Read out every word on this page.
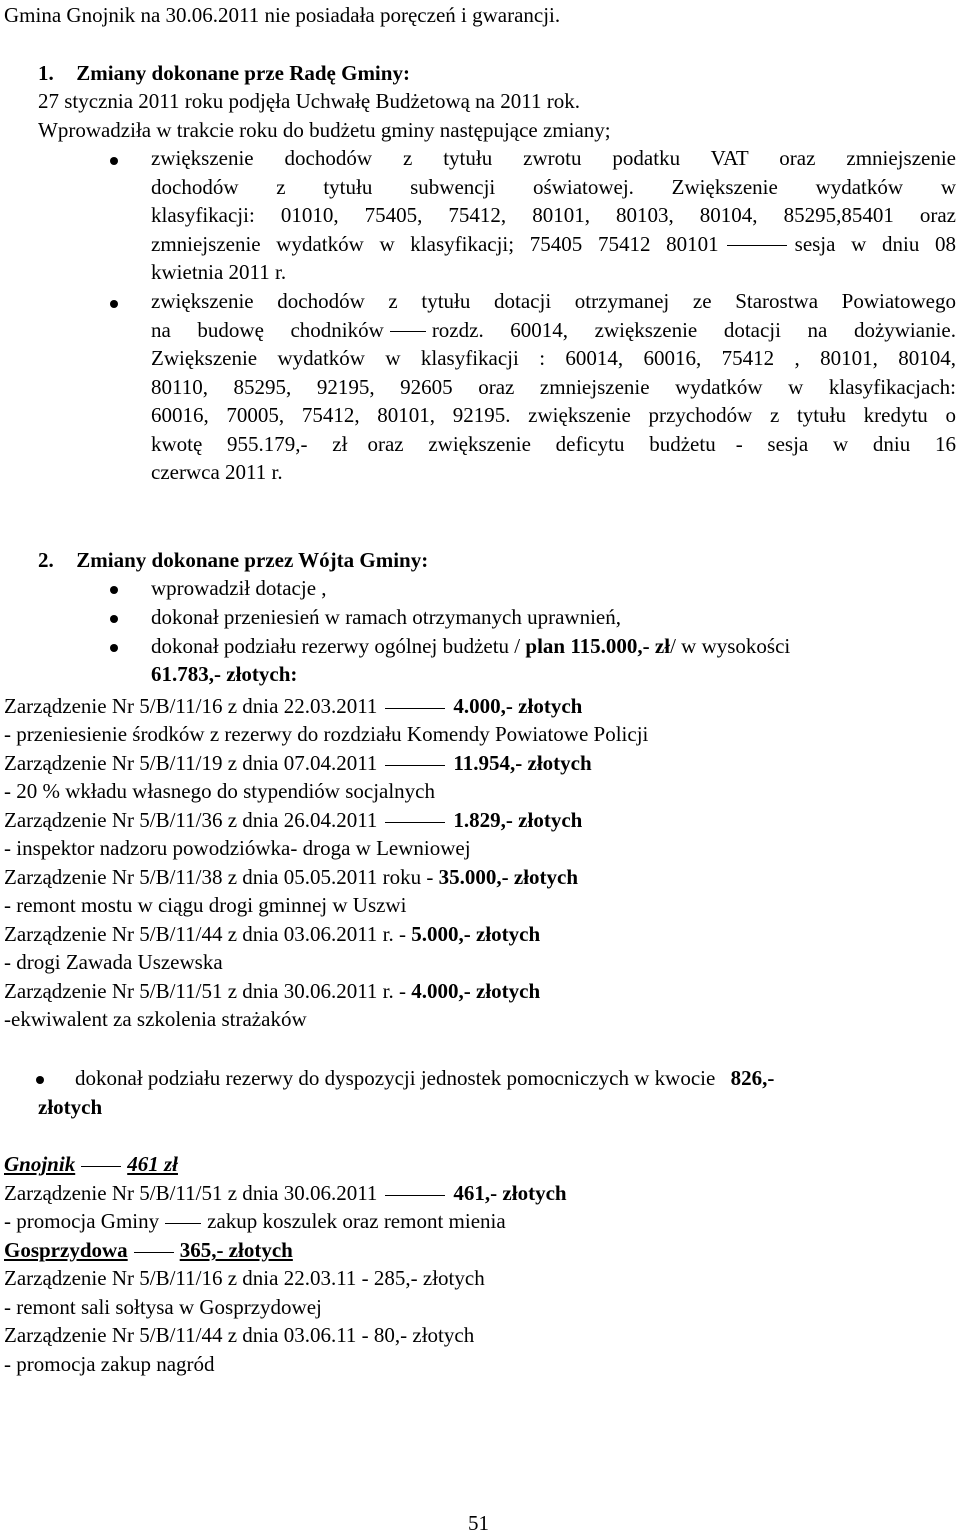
Gmina Gnojnik na 30.06.2011 nie posiadała poręczeń i gwarancji.
1. Zmiany dokonane prze Radę Gminy:
27 stycznia 2011 roku podjęła Uchwałę Budżetową na 2011 rok.
Wprowadziła w trakcie roku do budżetu gminy następujące zmiany;
zwiększenie dochodów z tytułu zwrotu podatku VAT oraz zmniejszenie
dochodów z tytułu subwencji oświatowej. Zwiększenie wydatków w
klasyfikacji: 01010, 75405, 75412, 80101, 80103, 80104, 85295,85401 oraz
zmniejszenie wydatków w klasyfikacji; 75405 75412 80101	sesja w dniu 08
kwietnia 2011 r.
zwiększenie dochodów z tytułu dotacji otrzymanej ze Starostwa Powiatowego
na budowę chodników rozdz. 60014, zwiększenie dotacji na dożywianie.
Zwiększenie wydatków w klasyfikacji : 60014, 60016, 75412 , 80101, 80104,
80110, 85295, 92195, 92605 oraz zmniejszenie wydatków w klasyfikacjach:
60016, 70005, 75412, 80101, 92195. zwiększenie przychodów z tytułu kredytu o
kwotę 955.179,- zł oraz zwiększenie deficytu budżetu - sesja w dniu 16
czerwca 2011 r.
2. Zmiany dokonane przez Wójta Gminy:
wprowadził dotacje ,
dokonał przeniesień w ramach otrzymanych uprawnień,
dokonał podziału rezerwy ogólnej budżetu / plan 115.000,- zł/ w wysokości
61.783,- złotych:
Zarządzenie Nr 5/B/11/16 z dnia 22.03.2011	4.000,- złotych
- przeniesienie środków z rezerwy do rozdziału Komendy Powiatowe Policji
Zarządzenie Nr 5/B/11/19 z dnia 07.04.2011	11.954,- złotych
- 20 % wkładu własnego do stypendiów socjalnych
Zarządzenie Nr 5/B/11/36 z dnia 26.04.2011	1.829,- złotych
- inspektor nadzoru powodziówka- droga w Lewniowej
Zarządzenie Nr 5/B/11/38 z dnia 05.05.2011 roku - 35.000,- złotych
- remont mostu w ciągu drogi gminnej w Uszwi
Zarządzenie Nr 5/B/11/44 z dnia 03.06.2011 r. - 5.000,- złotych
- drogi Zawada Uszewska
Zarządzenie Nr 5/B/11/51 z dnia 30.06.2011 r. - 4.000,- złotych
-ekwiwalent za szkolenia strażaków
dokonał podziału rezerwy do dyspozycji jednostek pomocniczych w kwocie 826,-
złotych
Gnojnik 461 zł
Zarządzenie Nr 5/B/11/51 z dnia 30.06.2011	461,- złotych
- promocja Gminy zakup koszulek oraz remont mienia
Gosprzydowa 365,- złotych
Zarządzenie Nr 5/B/11/16 z dnia 22.03.11 - 285,- złotych
- remont sali sołtysa w Gosprzydowej
Zarządzenie Nr 5/B/11/44 z dnia 03.06.11 - 80,- złotych
- promocja zakup nagród
51
